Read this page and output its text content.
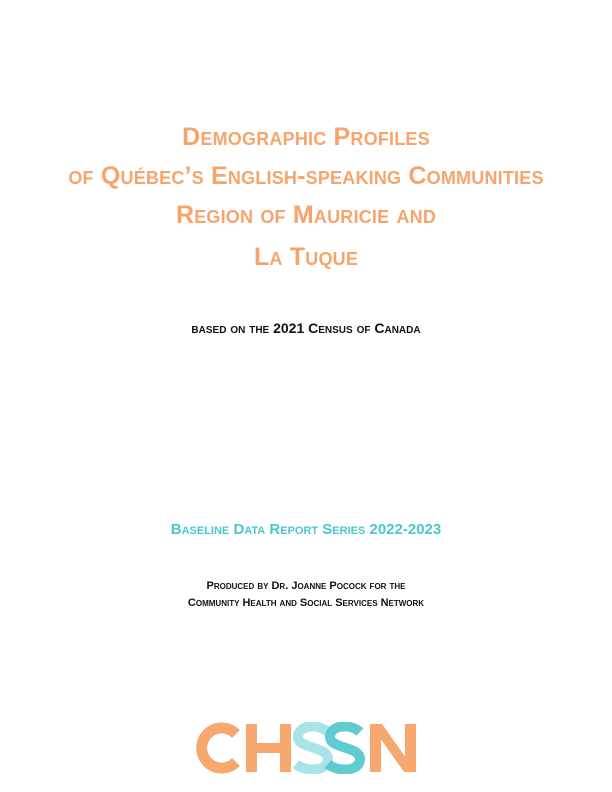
Demographic Profiles
of Québec’s English-speaking Communities
Region of Mauricie and
La Tuque
based on the 2021 Census of Canada
Baseline Data Report Series 2022-2023
Produced by Dr. Joanne Pocock for the
Community Health and Social Services Network
